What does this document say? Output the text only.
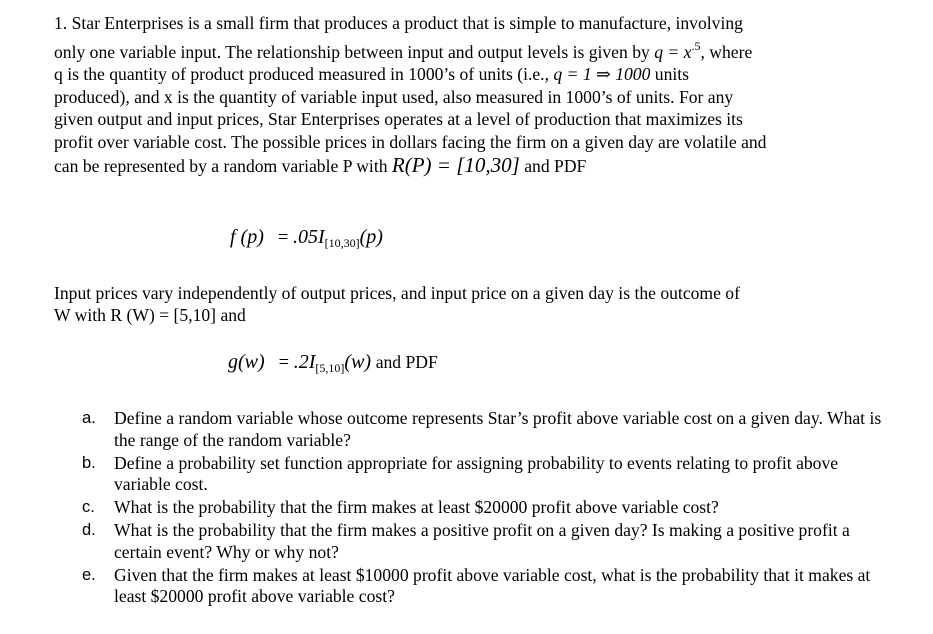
1. Star Enterprises is a small firm that produces a product that is simple to manufacture, involving

only one variable input. The relationship between input and output levels is given by $q = x^{.5}$, where

q is the quantity of product produced measured in 1000’s of units (i.e., q = 1 ⇒ 1000 units

produced), and x is the quantity of variable input used, also measured in 1000’s of units. For any

given output and input prices, Star Enterprises operates at a level of production that maximizes its

profit over variable cost. The possible prices in dollars facing the firm on a given day are volatile and

can be represented by a random variable P with R(P) = [10,30] and PDF

f $(p) = .05I_{[10,30]}(p)$

Input prices vary independently of output prices, and input price on a given day is the outcome of

W with R (W) = [5,10] and

$g(w) = .2I_{[5,10]}(w)$ and PDF
a.	Define a random variable whose outcome represents Star’s profit above variable cost on a given day. What is the range of the random variable?
b.	Define a probability set function appropriate for assigning probability to events relating to profit above variable cost.
c.	What is the probability that the firm makes at least $20000 profit above variable cost?
d.	What is the probability that the firm makes a positive profit on a given day? Is making a positive profit a certain event? Why or why not?
e.	Given that the firm makes at least $10000 profit above variable cost, what is the probability that it makes at least $20000 profit above variable cost?
